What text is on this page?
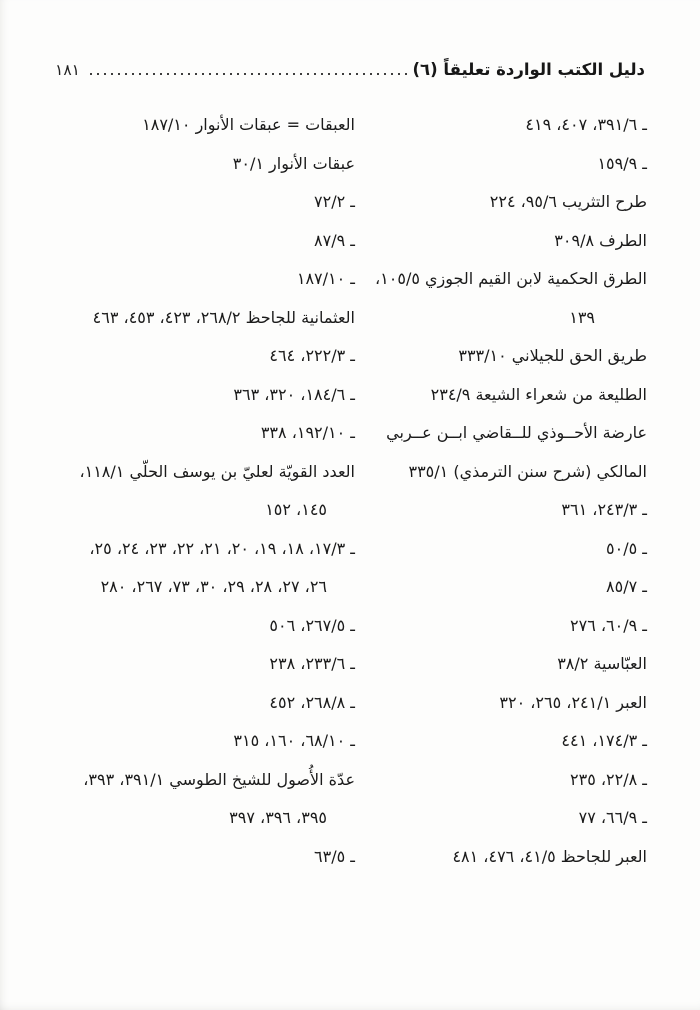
دليل الكتب الواردة تعليقاً (٦)
١٨١
ـ ٣٩١/٦، ٤٠٧، ٤١٩
ـ ١٥٩/٩
طرح التثريب ٩٥/٦، ٢٢٤
الطرف ٣٠٩/٨
الطرق الحكمية لابن القيم الجوزي ١٠٥/٥،
١٣٩
طريق الحق للجيلاني ٣٣٣/١٠
الطليعة من شعراء الشيعة ٢٣٤/٩
عارضة الأحــوذي للــقاضي ابــن عــربي
المالكي (شرح سنن الترمذي) ٣٣٥/١
ـ ٢٤٣/٣، ٣٦١
ـ ٥٠/٥
ـ ٨٥/٧
ـ ٦٠/٩، ٢٧٦
العبّاسية ٣٨/٢
العبر ٢٤١/١، ٢٦٥، ٣٢٠
ـ ١٧٤/٣، ٤٤١
ـ ٢٢/٨، ٢٣٥
ـ ٦٦/٩، ٧٧
العبر للجاحظ ٤١/٥، ٤٧٦، ٤٨١
العبقات = عبقات الأنوار ١٨٧/١٠
عبقات الأنوار ٣٠/١
ـ ٧٢/٢
ـ ٨٧/٩
ـ ١٨٧/١٠
العثمانية للجاحظ ٢٦٨/٢، ٤٢٣، ٤٥٣، ٤٦٣
ـ ٢٢٢/٣، ٤٦٤
ـ ١٨٤/٦، ٣٢٠، ٣٦٣
ـ ١٩٢/١٠، ٣٣٨
العدد القويّة لعليّ بن يوسف الحلّي ١١٨/١،
١٤٥، ١٥٢
ـ ١٧/٣، ١٨، ١٩، ٢٠، ٢١، ٢٢، ٢٣، ٢٤، ٢٥،
٢٦، ٢٧، ٢٨، ٢٩، ٣٠، ٧٣، ٢٦٧، ٢٨٠
ـ ٢٦٧/٥، ٥٠٦
ـ ٢٣٣/٦، ٢٣٨
ـ ٢٦٨/٨، ٤٥٢
ـ ٦٨/١٠، ١٦٠، ٣١٥
عدّة الأُصول للشيخ الطوسي ٣٩١/١، ٣٩٣،
٣٩٥، ٣٩٦، ٣٩٧
ـ ٦٣/٥
